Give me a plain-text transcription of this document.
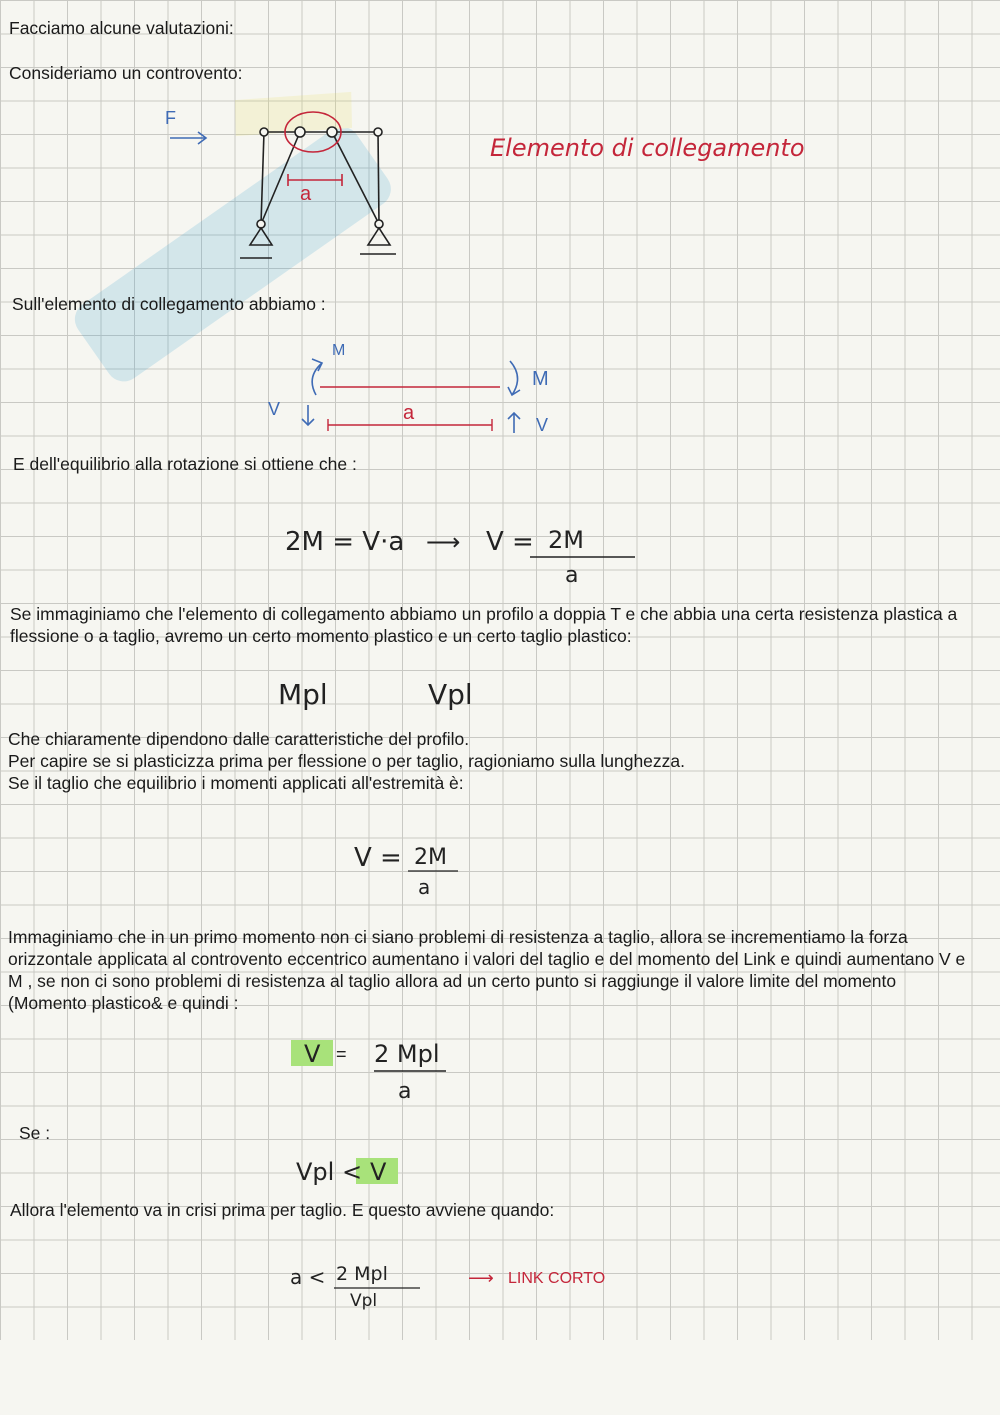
Facciamo alcune valutazioni:

Consideriamo un controvento:

a
F
Elemento di collegamento

Sull'elemento di collegamento abbiamo :

a
M
M
V
V

E dell'equilibrio alla rotazione si ottiene che :

2M = V·a ⟶ V = 2M
a

Se immaginiamo che l'elemento di collegamento abbiamo un profilo a doppia T e che abbia una certa resistenza plastica a flessione o a taglio, avremo un certo momento plastico e un certo taglio plastico:

Mpl	Vpl

Che chiaramente dipendono dalle caratteristiche del profilo.

Per capire se si plasticizza prima per flessione o per taglio, ragioniamo sulla lunghezza.

Se il taglio che equilibrio i momenti applicati all'estremità è:

V = 2M
a

Immaginiamo che in un primo momento non ci siano problemi di resistenza a taglio, allora se incrementiamo la forza orizzontale applicata al controvento eccentrico aumentano i valori del taglio e del momento del Link e quindi aumentano V e M , se non ci sono problemi di resistenza al taglio allora ad un certo punto si raggiunge il valore limite del momento (Momento plastico& e quindi :

V = 2 Mpl
a

Se :

Vpl < V

Allora l'elemento va in crisi prima per taglio. E questo avviene quando:

a < 2 Mpl
Vpl
⟶ LINK CORTO
